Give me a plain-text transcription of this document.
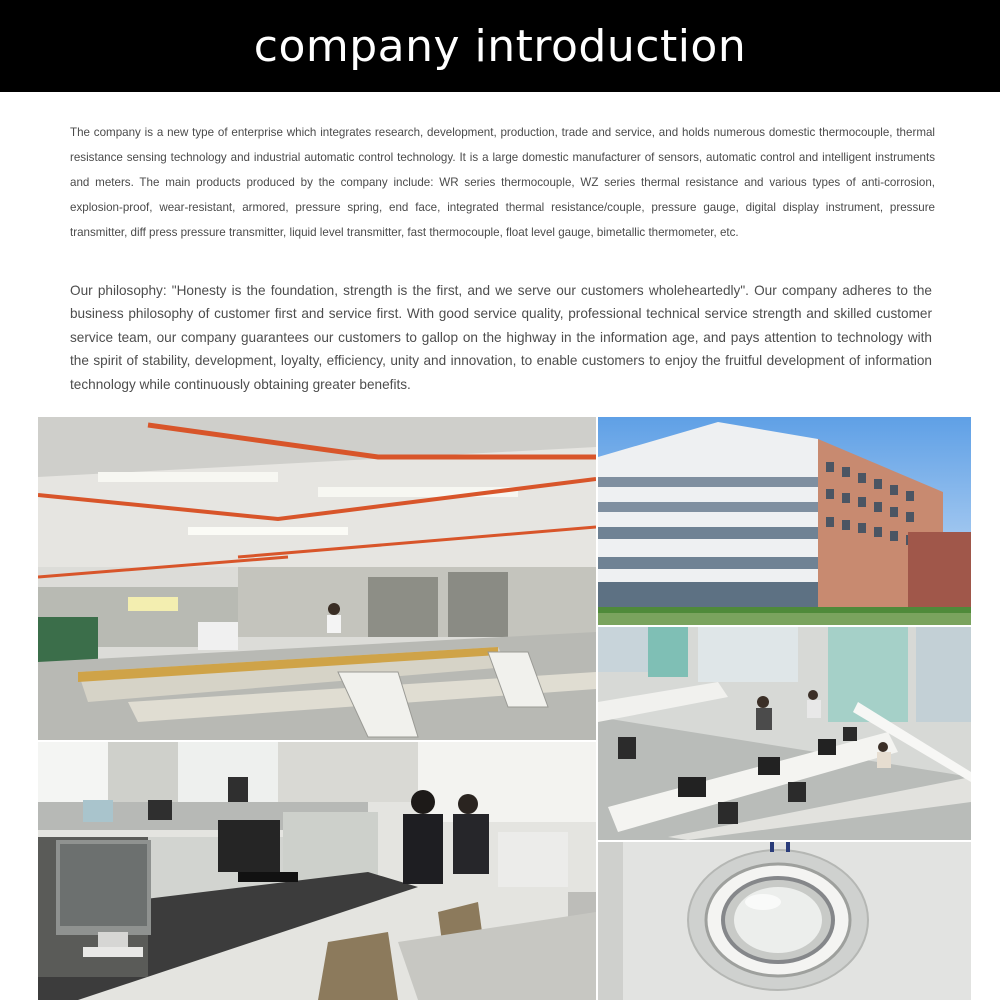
company introduction

The company is a new type of enterprise which integrates research, development, production, trade and service, and holds numerous domestic thermocouple, thermal resistance sensing technology and industrial automatic control technology. It is a large domestic manufacturer of sensors, automatic control and intelligent instruments and meters. The main products produced by the company include: WR series thermocouple, WZ series thermal resistance and various types of anti-corrosion, explosion-proof, wear-resistant, armored, pressure spring, end face, integrated thermal resistance/couple, pressure gauge, digital display instrument, pressure transmitter, diff press pressure transmitter, liquid level transmitter, fast thermocouple, float level gauge, bimetallic thermometer, etc.

Our philosophy: "Honesty is the foundation, strength is the first, and we serve our customers wholeheartedly". Our company adheres to the business philosophy of customer first and service first. With good service quality, professional technical service strength and skilled customer service team, our company guarantees our customers to gallop on the highway in the information age, and pays attention to technology with the spirit of stability, development, loyalty, efficiency, unity and innovation, to enable customers to enjoy the fruitful development of information technology while continuously obtaining greater benefits.
